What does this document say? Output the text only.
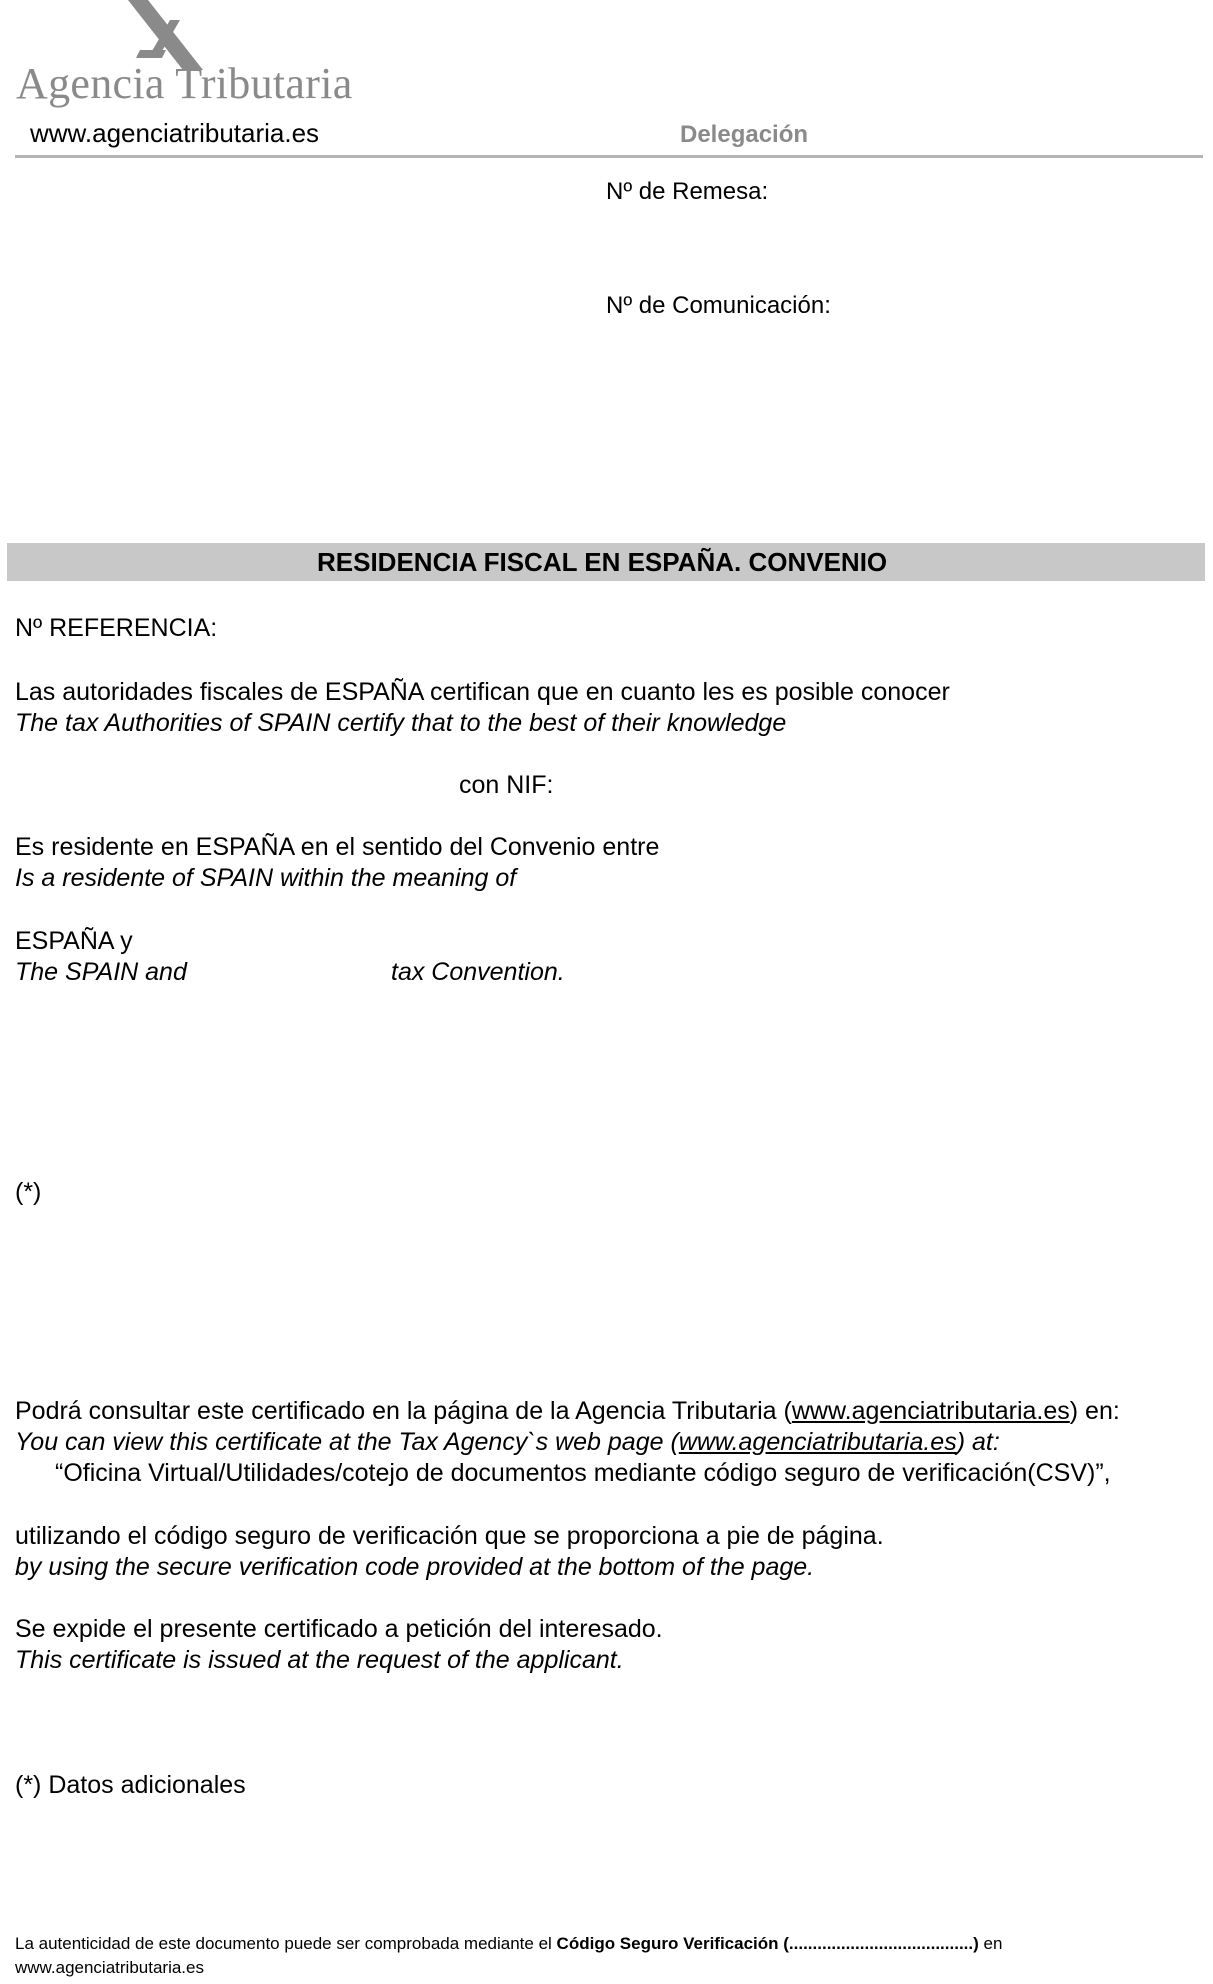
Agencia Tributaria
www.agenciatributaria.es	Delegación
Nº de Remesa:
Nº de Comunicación:
RESIDENCIA FISCAL EN ESPAÑA. CONVENIO
Nº REFERENCIA:
Las autoridades fiscales de ESPAÑA certifican que en cuanto les es posible conocer
The tax Authorities of SPAIN certify that to the best of their knowledge
con NIF:
Es residente en ESPAÑA en el sentido del Convenio entre
Is a residente of SPAIN within the meaning of
ESPAÑA y
The SPAIN and	tax Convention.
(*)
Podrá consultar este certificado en la página de la Agencia Tributaria (www.agenciatributaria.es) en:
You can view this certificate at the Tax Agency`s web page (www.agenciatributaria.es) at:
“Oficina Virtual/Utilidades/cotejo de documentos mediante código seguro de verificación(CSV)”,
utilizando el código seguro de verificación que se proporciona a pie de página.
by using the secure verification code provided at the bottom of the page.
Se expide el presente certificado a petición del interesado.
This certificate is issued at the request of the applicant.
(*) Datos adicionales
La autenticidad de este documento puede ser comprobada mediante el Código Seguro Verificación (.......................................) en
www.agenciatributaria.es
